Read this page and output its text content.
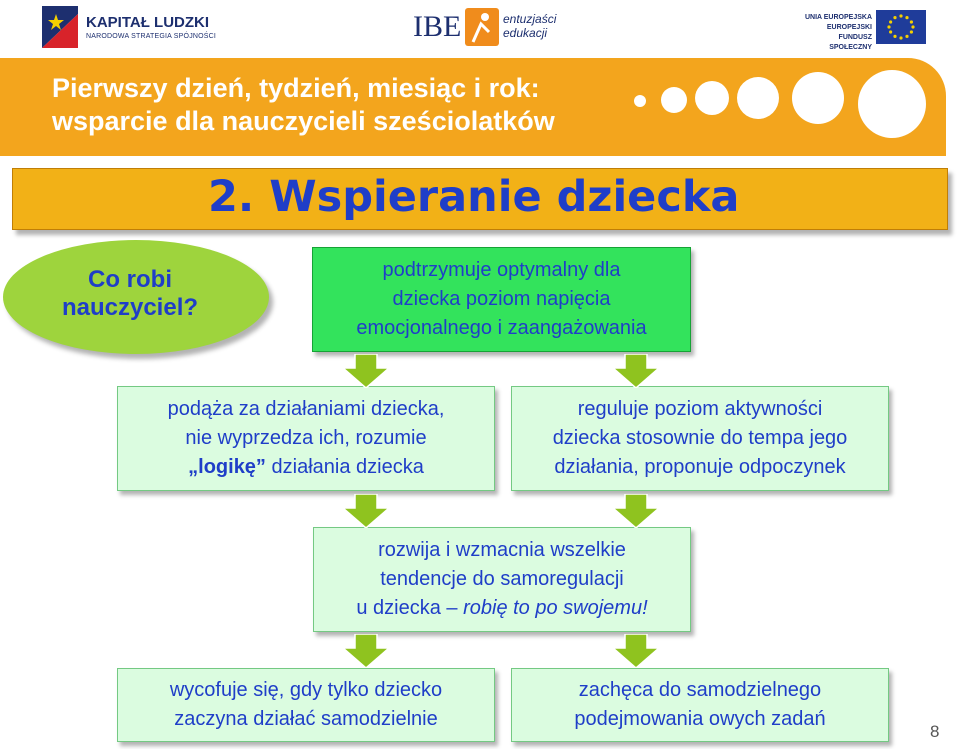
KAPITAŁ LUDZKI
NARODOWA STRATEGIA SPÓJNOŚCI	IBE	entuzjaści
edukacji
UNIA EUROPEJSKA
EUROPEJSKI
FUNDUSZ SPOŁECZNY
Pierwszy dzień, tydzień, miesiąc i rok:
wsparcie dla nauczycieli sześciolatków
2. Wspieranie dziecka
Co robi
nauczyciel?
podtrzymuje optymalny dla
dziecka poziom napięcia
emocjonalnego i zaangażowania
podąża za działaniami dziecka,
nie wyprzedza ich, rozumie
„logikę” działania dziecka
reguluje poziom aktywności
dziecka stosownie do tempa jego
działania, proponuje odpoczynek
rozwija i wzmacnia wszelkie
tendencje do samoregulacji
u dziecka – robię to po swojemu!
wycofuje się, gdy tylko dziecko
zaczyna działać samodzielnie
zachęca do samodzielnego
podejmowania owych zadań
8
